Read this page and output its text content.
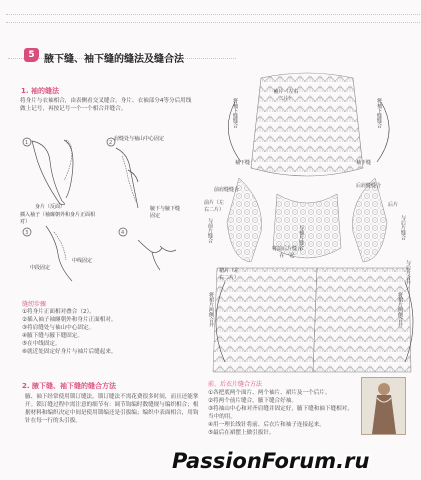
5 腋下缝、袖下缝的缝法及缝合法
1. 袖的缝法
将身片与衣袖相合，由表侧看交叉缝合，身片、衣袖部分4等分后用线做上记号，再按记号一个一个相合并缝合。
1	2
3	4
肩缝处与袖山中心固定
身片（反面）
插入袖子（袖窿朝外和身片正面相对）
腋下与腋下缝固定
中段固定
中线固定
缝纫步骤
①将身片正面相对叠合（2）。
②插入袖子袖窿朝外和身片正面相对。
③将肩缝处与袖山中心固定。
④腋下缝与腋下缝固定。
⑤在中线固定。
⑥就近处固定好身片与袖片后缝起来。
2. 腋下缝、袖下缝的缝合方法
腋、袖下经常使用锁订缝法。锁订缝法不需花费很多时间，而且还能掌开。锁订缝过程中需注意的细节有：调节钩编时数缝规与编织相合；根据材料和编织决定中间是使用锁编还是引拔编；编织中表面相合，用钩针在每一行的头引拔。
袖片（左右二片）
将袖下缝缝合	将袖下缝缝合
袖下缝	袖下缝
前肩缝缝合
后肩缝缝合
前片（左右二片）
后片
与前片缝合	与袖片缝合	与后片缝合
将前后片缝合在一起
裙片（左右二片）
将裙片两侧合并	将裙片两侧合并
与后片合并
前、后衣片缝合方法
①各把底两个面片、两个袖片、裙片及一个后片。
②将两个前片缝合，腋下缝合好袖。
③将袖山中心和对齐肩缝并固定好，腋下缝和袖下缝相对，当中的用。
④用一理长线针将前、后衣片和袖子连接起来。
⑤最后在裙摆上做引拔针。
PassionForum.ru
